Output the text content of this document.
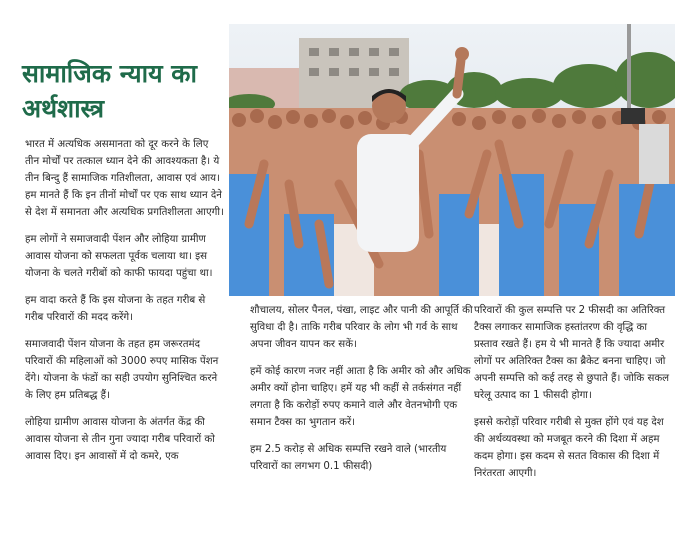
सामाजिक न्याय का
अर्थशास्त्र

भारत में अत्यधिक असमानता को दूर करने के लिए तीन मोर्चों पर तत्काल ध्यान देने की आवश्यकता है। ये तीन बिन्दु हैं सामाजिक गतिशीलता, आवास एवं आय। हम मानते हैं कि इन तीनों मोर्चों पर एक साथ ध्यान देने से देश में समानता और अत्यधिक प्रगतिशीलता आएगी।

हम लोगों ने समाजवादी पेंशन और लोहिया ग्रामीण आवास योजना को सफलता पूर्वक चलाया था। इस योजना के चलते गरीबों को काफी फायदा पहुंचा था।

हम वादा करते हैं कि इस योजना के तहत गरीब से गरीब परिवारों की मदद करेंगे।

समाजवादी पेंशन योजना के तहत हम जरूरतमंद परिवारों की महिलाओं को 3000 रुपए मासिक पेंशन देंगे। योजना के फंडों का सही उपयोग सुनिश्चित करने के लिए हम प्रतिबद्ध हैं।

लोहिया ग्रामीण आवास योजना के अंतर्गत केंद्र की आवास योजना से तीन गुना ज्यादा गरीब परिवारों को आवास दिए। इन आवासों में दो कमरे, एक

शौचालय, सोलर पैनल, पंखा, लाइट और पानी की आपूर्ति की सुविधा दी है। ताकि गरीब परिवार के लोग भी गर्व के साथ अपना जीवन यापन कर सकें।

हमें कोई कारण नजर नहीं आता है कि अमीर को और अधिक अमीर क्यों होना चाहिए। हमें यह भी कहीं से तर्कसंगत नहीं लगता है कि करोड़ों रुपए कमाने वाले और वेतनभोगी एक समान टैक्स का भुगतान करें।

हम 2.5 करोड़ से अधिक सम्पत्ति रखने वाले (भारतीय परिवारों का लगभग 0.1 फीसदी)

परिवारों की कुल सम्पत्ति पर 2 फीसदी का अतिरिक्त टैक्स लगाकर सामाजिक हस्तांतरण की वृद्धि का प्रस्ताव रखते हैं। हम ये भी मानते हैं कि ज्यादा अमीर लोगों पर अतिरिक्त टैक्स का ब्रैकेट बनना चाहिए। जो अपनी सम्पत्ति को कई तरह से छुपाते हैं। जोकि सकल घरेलू उत्पाद का 1 फीसदी होगा।

इससे करोड़ों परिवार गरीबी से मुक्त होंगे एवं यह देश की अर्थव्यवस्था को मजबूत करने की दिशा में अहम कदम होगा। इस कदम से सतत विकास की दिशा में निरंतरता आएगी।
